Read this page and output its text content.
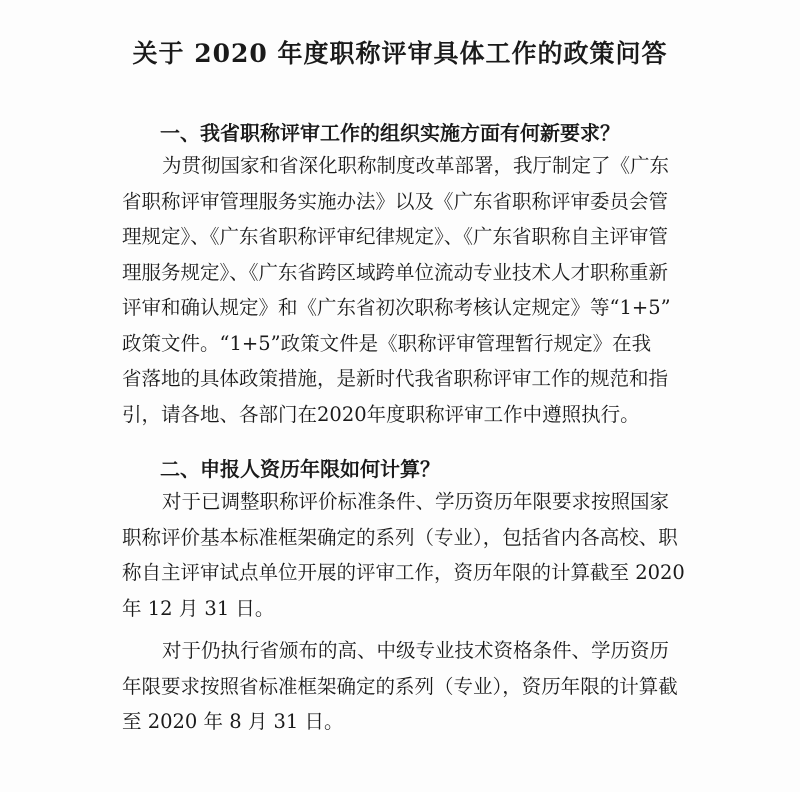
关于 2020 年度职称评审具体工作的政策问答
一、我省职称评审工作的组织实施方面有何新要求？
为贯彻国家和省深化职称制度改革部署，我厅制定了《广东
省职称评审管理服务实施办法》以及《广东省职称评审委员会管
理规定》、《广东省职称评审纪律规定》、《广东省职称自主评审管
理服务规定》、《广东省跨区域跨单位流动专业技术人才职称重新
评审和确认规定》和《广东省初次职称考核认定规定》等“1+5”
政策文件。“1+5”政策文件是《职称评审管理暂行规定》在我
省落地的具体政策措施，是新时代我省职称评审工作的规范和指
引，请各地、各部门在2020年度职称评审工作中遵照执行。
二、申报人资历年限如何计算？
对于已调整职称评价标准条件、学历资历年限要求按照国家
职称评价基本标准框架确定的系列（专业），包括省内各高校、职
称自主评审试点单位开展的评审工作，资历年限的计算截至 2020
年 12 月 31 日。
对于仍执行省颁布的高、中级专业技术资格条件、学历资历
年限要求按照省标准框架确定的系列（专业），资历年限的计算截
至 2020 年 8 月 31 日。
